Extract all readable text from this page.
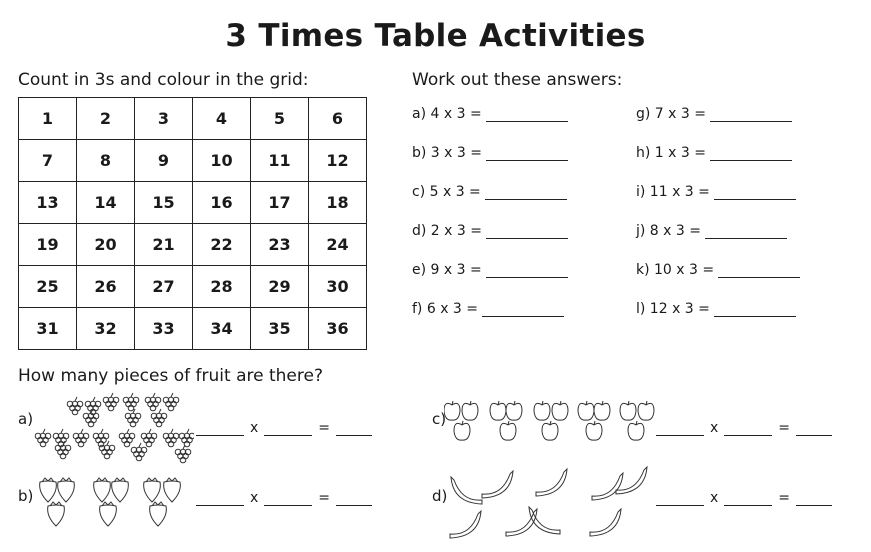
3 Times Table Activities
Count in 3s and colour in the grid:
1	2	3	4	5	6
7	8	9	10	11	12
13	14	15	16	17	18
19	20	21	22	23	24
25	26	27	28	29	30
31	32	33	34	35	36
Work out these answers:
a) 4 x 3 =
b) 3 x 3 =
c) 5 x 3 =
d) 2 x 3 =
e) 9 x 3 =
f) 6 x 3 =
g) 7 x 3 =
h) 1 x 3 =
i) 11 x 3 =
j) 8 x 3 =
k) 10 x 3 =
l) 12 x 3 =
How many pieces of fruit are there?
a)	x	=
b)	x	=
c)	x	=
d)	x	=
